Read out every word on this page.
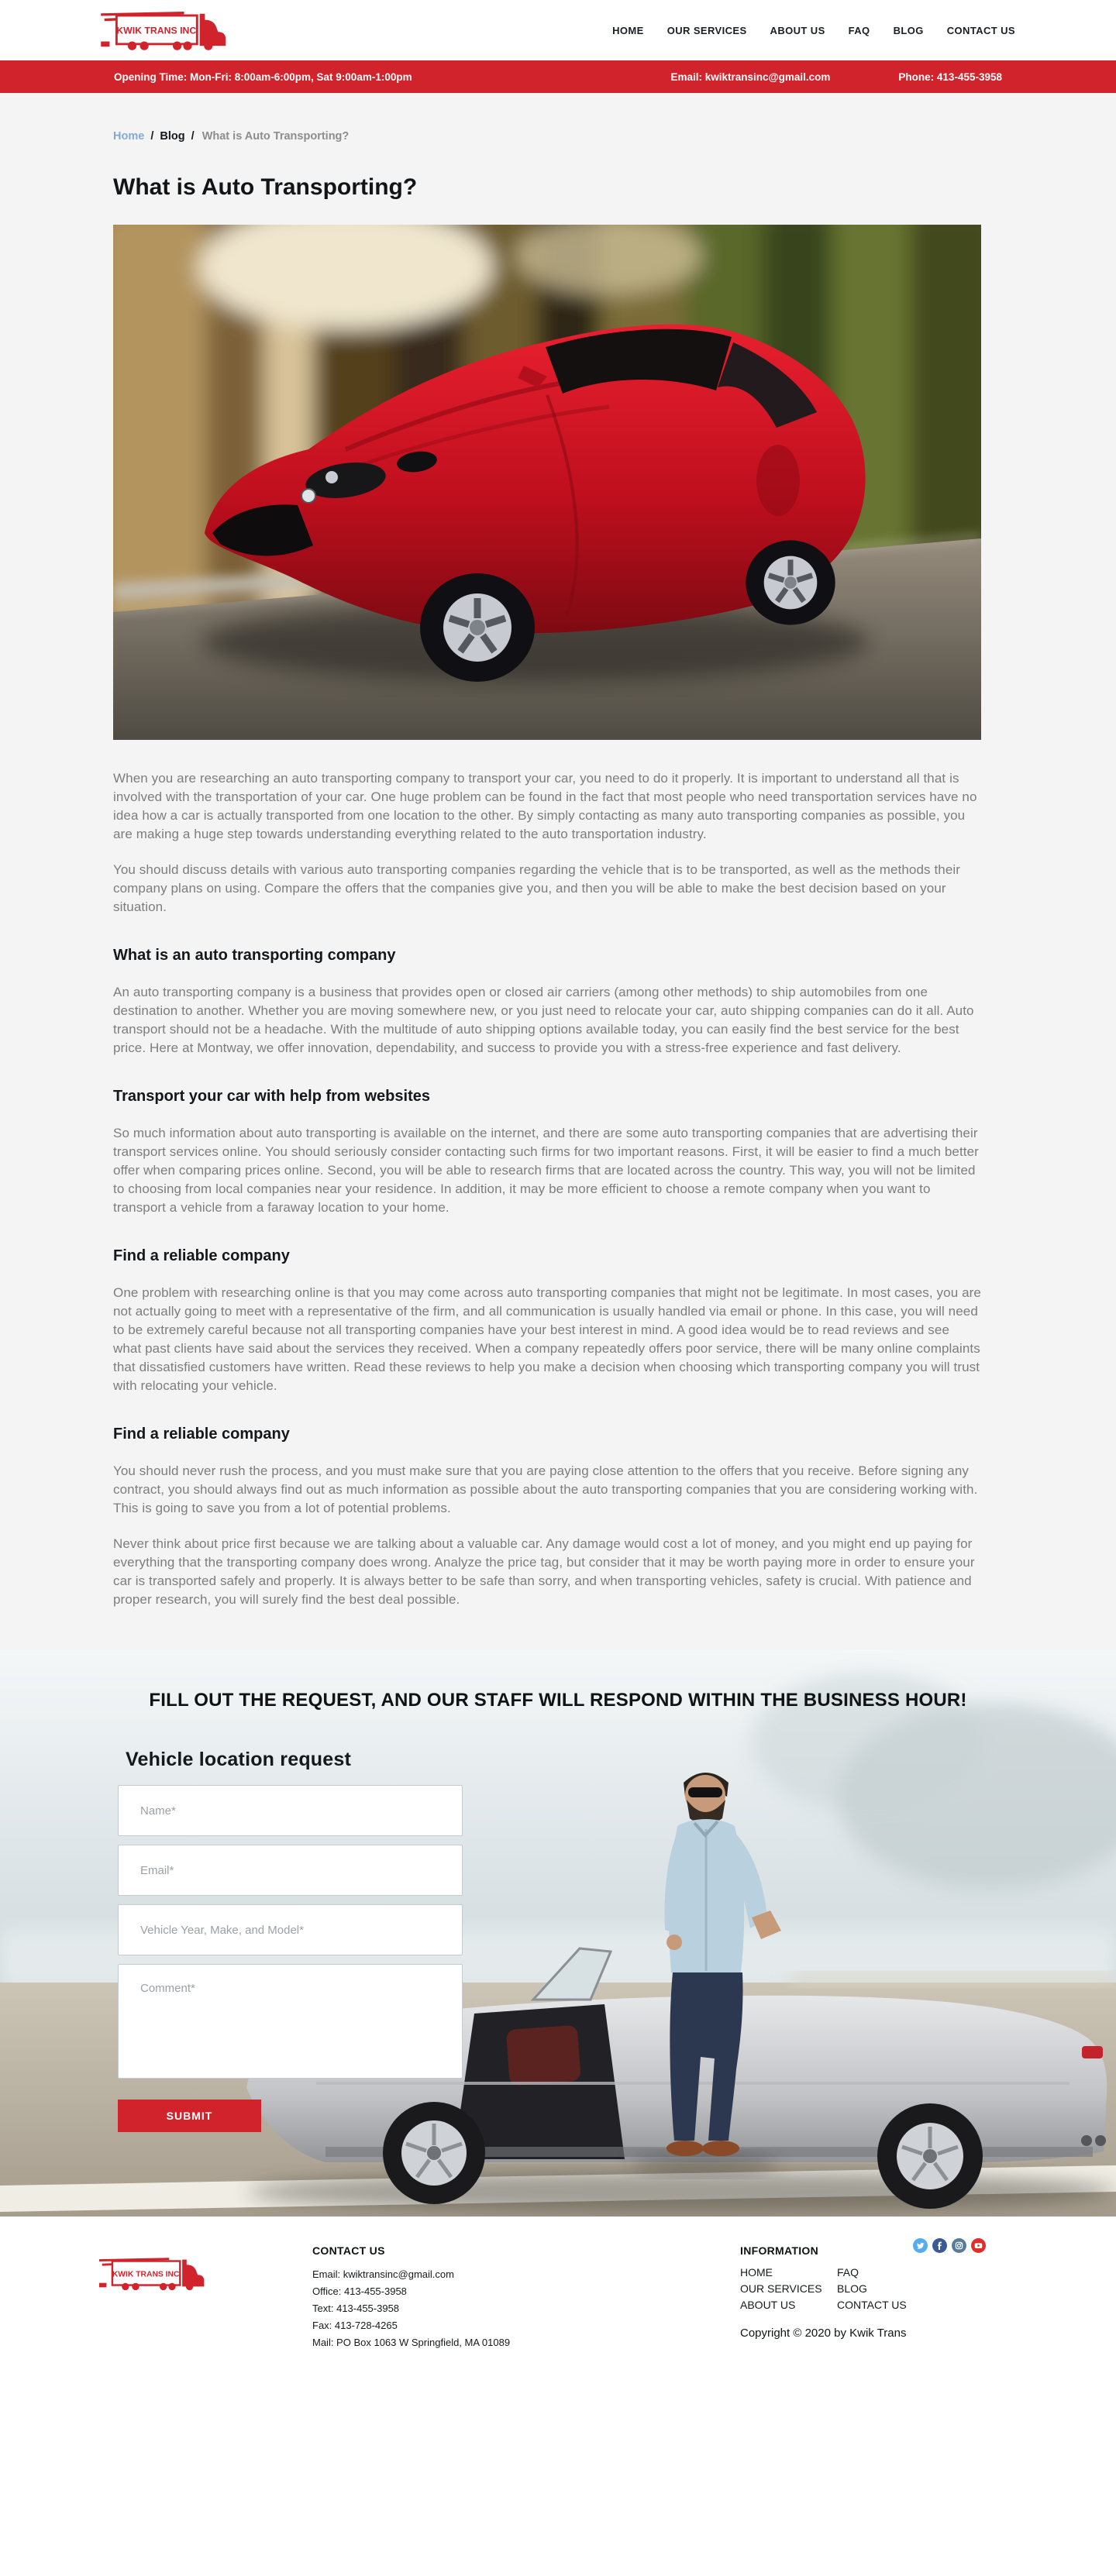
KWIK TRANS INC	HOME OUR SERVICES ABOUT US FAQ BLOG CONTACT US
Opening Time: Mon-Fri: 8:00am-6:00pm, Sat 9:00am-1:00pm	Email: kwiktransinc@gmail.com	Phone: 413-455-3958
Home / Blog / What is Auto Transporting?
What is Auto Transporting?

When you are researching an auto transporting company to transport your car, you need to do it properly. It is important to understand all that is involved with the transportation of your car. One huge problem can be found in the fact that most people who need transportation services have no idea how a car is actually transported from one location to the other. By simply contacting as many auto transporting companies as possible, you are making a huge step towards understanding everything related to the auto transportation industry.

You should discuss details with various auto transporting companies regarding the vehicle that is to be transported, as well as the methods their company plans on using. Compare the offers that the companies give you, and then you will be able to make the best decision based on your situation.

What is an auto transporting company

An auto transporting company is a business that provides open or closed air carriers (among other methods) to ship automobiles from one destination to another. Whether you are moving somewhere new, or you just need to relocate your car, auto shipping companies can do it all. Auto transport should not be a headache. With the multitude of auto shipping options available today, you can easily find the best service for the best price. Here at Montway, we offer innovation, dependability, and success to provide you with a stress-free experience and fast delivery.

Transport your car with help from websites

So much information about auto transporting is available on the internet, and there are some auto transporting companies that are advertising their transport services online. You should seriously consider contacting such firms for two important reasons. First, it will be easier to find a much better offer when comparing prices online. Second, you will be able to research firms that are located across the country. This way, you will not be limited to choosing from local companies near your residence. In addition, it may be more efficient to choose a remote company when you want to transport a vehicle from a faraway location to your home.

Find a reliable company

One problem with researching online is that you may come across auto transporting companies that might not be legitimate. In most cases, you are not actually going to meet with a representative of the firm, and all communication is usually handled via email or phone. In this case, you will need to be extremely careful because not all transporting companies have your best interest in mind. A good idea would be to read reviews and see what past clients have said about the services they received. When a company repeatedly offers poor service, there will be many online complaints that dissatisfied customers have written. Read these reviews to help you make a decision when choosing which transporting company you will trust with relocating your vehicle.

Find a reliable company

You should never rush the process, and you must make sure that you are paying close attention to the offers that you receive. Before signing any contract, you should always find out as much information as possible about the auto transporting companies that you are considering working with. This is going to save you from a lot of potential problems.

Never think about price first because we are talking about a valuable car. Any damage would cost a lot of money, and you might end up paying for everything that the transporting company does wrong. Analyze the price tag, but consider that it may be worth paying more in order to ensure your car is transported safely and properly. It is always better to be safe than sorry, and when transporting vehicles, safety is crucial. With patience and proper research, you will surely find the best deal possible.

FILL OUT THE REQUEST, AND OUR STAFF WILL RESPOND WITHIN THE BUSINESS HOUR!
Vehicle location request
Name*
Email*
Vehicle Year, Make, and Model*
Comment* SUBMIT
KWIK TRANS INC
CONTACT US
Email: kwiktransinc@gmail.com
Office: 413-455-3958
Text: 413-455-3958
Fax: 413-728-4265
Mail: PO Box 1063 W Springfield, MA 01089
INFORMATION
HOME
OUR SERVICES
ABOUT US
FAQ
BLOG
CONTACT US
Copyright © 2020 by Kwik Trans
